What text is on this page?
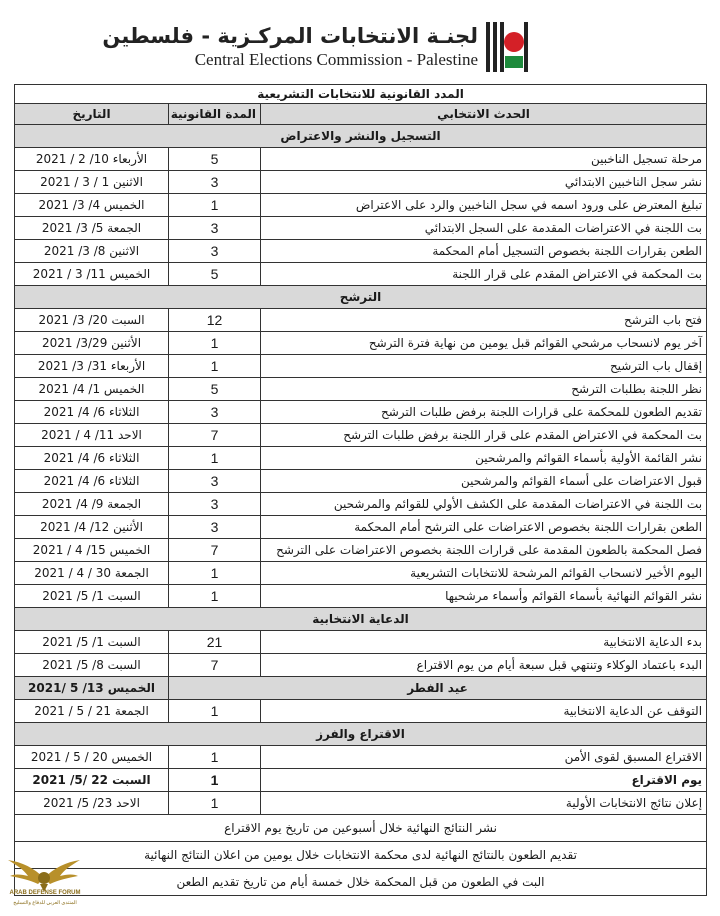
لجنـة الانتخابات المركـزية - فلسطين
Central Elections Commission - Palestine
المدد القانونية للانتخابات التشريعية		
الحدث الانتخابي	المدة القانونية	التاريخ
التسجيل والنشر والاعتراض		
مرحلة تسجيل الناخبين	5	الأربعاء 10/ 2 / 2021
نشر سجل الناخبين الابتدائي	3	الاثنين 1 / 3 / 2021
تبليغ المعترض على ورود اسمه في سجل الناخبين والرد على الاعتراض	1	الخميس 4/ 3/ 2021
بت اللجنة في الاعتراضات المقدمة على السجل الابتدائي	3	الجمعة 5/ 3/ 2021
الطعن بقرارات اللجنة بخصوص التسجيل أمام المحكمة	3	الاثنين 8/ 3/ 2021
بت المحكمة في الاعتراض المقدم على قرار اللجنة	5	الخميس 11/ 3 / 2021
الترشح		
فتح باب الترشح	12	السبت 20/ 3/ 2021
آخر يوم لانسحاب مرشحي القوائم قبل يومين من نهاية فترة الترشح	1	الأثنين 3/29/ 2021
إقفال باب الترشيح	1	الأربعاء 31/ 3/ 2021
نظر اللجنة بطلبات الترشح	5	الخميس 1/ 4/ 2021
تقديم الطعون للمحكمة على قرارات اللجنة برفض طلبات الترشح	3	الثلاثاء 6/ 4/ 2021
بت المحكمة في الاعتراض المقدم على قرار اللجنة برفض طلبات الترشح	7	الاحد 11/ 4 / 2021
نشر القائمة الأولية بأسماء القوائم والمرشحين	1	الثلاثاء 6/ 4/ 2021
قبول الاعتراضات على أسماء القوائم والمرشحين	3	الثلاثاء 6/ 4/ 2021
بت اللجنة في الاعتراضات المقدمة على الكشف الأولي للقوائم والمرشحين	3	الجمعة 9/ 4/ 2021
الطعن بقرارات اللجنة بخصوص الاعتراضات على الترشح أمام المحكمة	3	الأثنين 12/ 4/ 2021
فصل المحكمة بالطعون المقدمة على قرارات اللجنة بخصوص الاعتراضات على الترشح	7	الخميس 15/ 4 / 2021
اليوم الأخير لانسحاب القوائم المرشحة للانتخابات التشريعية	1	الجمعة 30 / 4 / 2021
نشر القوائم النهائية بأسماء القوائم وأسماء مرشحيها	1	السبت 1/ 5/ 2021
الدعاية الانتخابية		
بدء الدعاية الانتخابية	21	السبت 1/ 5/ 2021
البدء باعتماد الوكلاء وتنتهي قبل سبعة أيام من يوم الاقتراع	7	السبت 8/ 5/ 2021
عيد الفطر		الخميس 13/ 5 /2021
التوقف عن الدعاية الانتخابية	1	الجمعة 21 / 5 / 2021
الاقتراع والفرز		
الاقتراع المسبق لقوى الأمن	1	الخميس 20 / 5 / 2021
يوم الاقتراع	1	السبت 22 /5/ 2021
إعلان نتائج الانتخابات الأولية	1	الاحد 23/ 5/ 2021
نشر النتائج النهائية خلال أسبوعين من تاريخ يوم الاقتراع		
تقديم الطعون بالنتائج النهائية لدى محكمة الانتخابات خلال يومين من اعلان النتائج النهائية		
البت في الطعون من قبل المحكمة خلال خمسة أيام من تاريخ تقديم الطعن		
ARAB DEFENSE FORUM
المنتدى العربي للدفاع والتسليح
